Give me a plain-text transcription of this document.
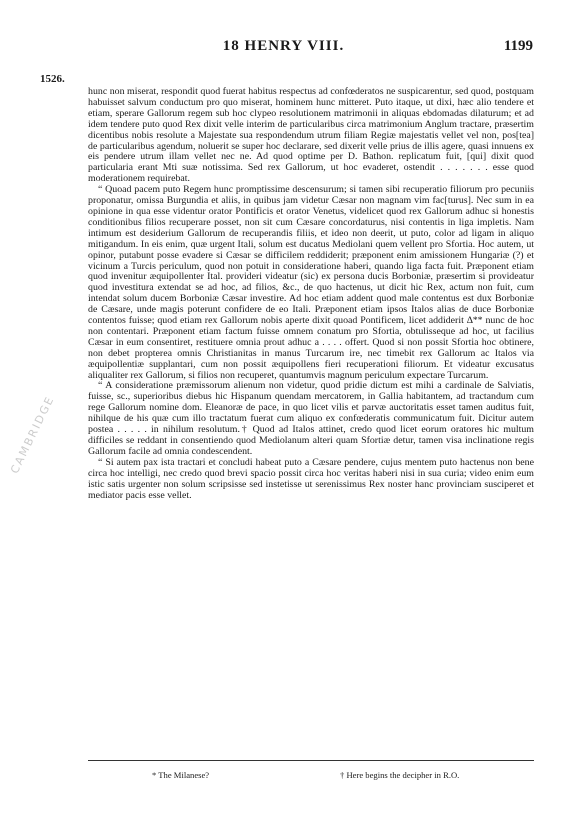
18 HENRY VIII.	1199
1526.
CAMBRIDGE

hunc non miserat, respondit quod fuerat habitus respectus ad confœderatos ne suspicarentur, sed quod, postquam habuisset salvum conductum pro quo miserat, hominem hunc mitteret. Puto itaque, ut dixi, hæc alio tendere et etiam, sperare Gallorum regem sub hoc clypeo resolutionem matrimonii in aliquas ebdomadas dilaturum; et ad idem tendere puto quod Rex dixit velle interim de particularibus circa matrimonium Anglum tractare, præsertim dicentibus nobis resolute a Majestate sua respondendum utrum filiam Regiæ majestatis vellet vel non, pos[tea] de particularibus agendum, noluerit se super hoc declarare, sed dixerit velle prius de illis agere, quasi innuens ex eis pendere utrum illam vellet nec ne. Ad quod optime per D. Bathon. replicatum fuit, [qui] dixit quod particularia erant Mti suæ notissima. Sed rex Gallorum, ut hoc evaderet, ostendit . . . . . . . esse quod moderationem requirebat.

“ Quoad pacem puto Regem hunc promptissime descensurum; si tamen sibi recuperatio filiorum pro pecuniis proponatur, omissa Burgundia et aliis, in quibus jam videtur Cæsar non magnam vim fac[turus]. Nec sum in ea opinione in qua esse videntur orator Pontificis et orator Venetus, videlicet quod rex Gallorum adhuc si honestis conditionibus filios recuperare posset, non sit cum Cæsare concordaturus, nisi contentis in liga impletis. Nam intimum est desiderium Gallorum de recuperandis filiis, et ideo non deerit, ut puto, color ad ligam in aliquo mitigandum. In eis enim, quæ urgent Itali, solum est ducatus Mediolani quem vellent pro Sfortia. Hoc autem, ut opinor, putabunt posse evadere si Cæsar se difficilem reddiderit; præponent enim amissionem Hungariæ (?) et vicinum a Turcis periculum, quod non potuit in consideratione haberi, quando liga facta fuit. Præponent etiam quod invenitur æquipollenter Ital. provideri videatur (sic) ex persona ducis Borboniæ, præsertim si provideatur quod investitura extendat se ad hoc, ad filios, &c., de quo hactenus, ut dicit hic Rex, actum non fuit, cum intendat solum ducem Borboniæ Cæsar investire. Ad hoc etiam addent quod male contentus est dux Borboniæ de Cæsare, unde magis poterunt confidere de eo Itali. Præponent etiam ipsos Italos alias de duce Borboniæ contentos fuisse; quod etiam rex Gallorum nobis aperte dixit quoad Pontificem, licet addiderit ∆** nunc de hoc non contentari. Præponent etiam factum fuisse omnem conatum pro Sfortia, obtulisseque ad hoc, ut facilius Cæsar in eum consentiret, restituere omnia prout adhuc a . . . . offert. Quod si non possit Sfortia hoc obtinere, non debet propterea omnis Christianitas in manus Turcarum ire, nec timebit rex Gallorum ac Italos via æquipollentiæ supplantari, cum non possit æquipollens fieri recuperationi filiorum. Et videatur excusatus aliqualiter rex Gallorum, si filios non recuperet, quantumvis magnum periculum expectare Turcarum.

“ A consideratione præmissorum alienum non videtur, quod pridie dictum est mihi a cardinale de Salviatis, fuisse, sc., superioribus diebus hic Hispanum quendam mercatorem, in Gallia habitantem, ad tractandum cum rege Gallorum nomine dom. Eleanoræ de pace, in quo licet vilis et parvæ auctoritatis esset tamen auditus fuit, nihilque de his quæ cum illo tractatum fuerat cum aliquo ex confœderatis communicatum fuit. Dicitur autem postea . . . . . in nihilum resolutum.† Quod ad Italos attinet, credo quod licet eorum oratores hic multum difficiles se reddant in consentiendo quod Mediolanum alteri quam Sfortiæ detur, tamen visa inclinatione regis Gallorum facile ad omnia condescendent.

“ Si autem pax ista tractari et concludi habeat puto a Cæsare pendere, cujus mentem puto hactenus non bene circa hoc intelligi, nec credo quod brevi spacio possit circa hoc veritas haberi nisi in sua curia; video enim eum istic satis urgenter non solum scripsisse sed instetisse ut serenissimus Rex noster hanc provinciam susciperet et mediator pacis esse vellet.

* The Milanese?	† Here begins the decipher in R.O.
